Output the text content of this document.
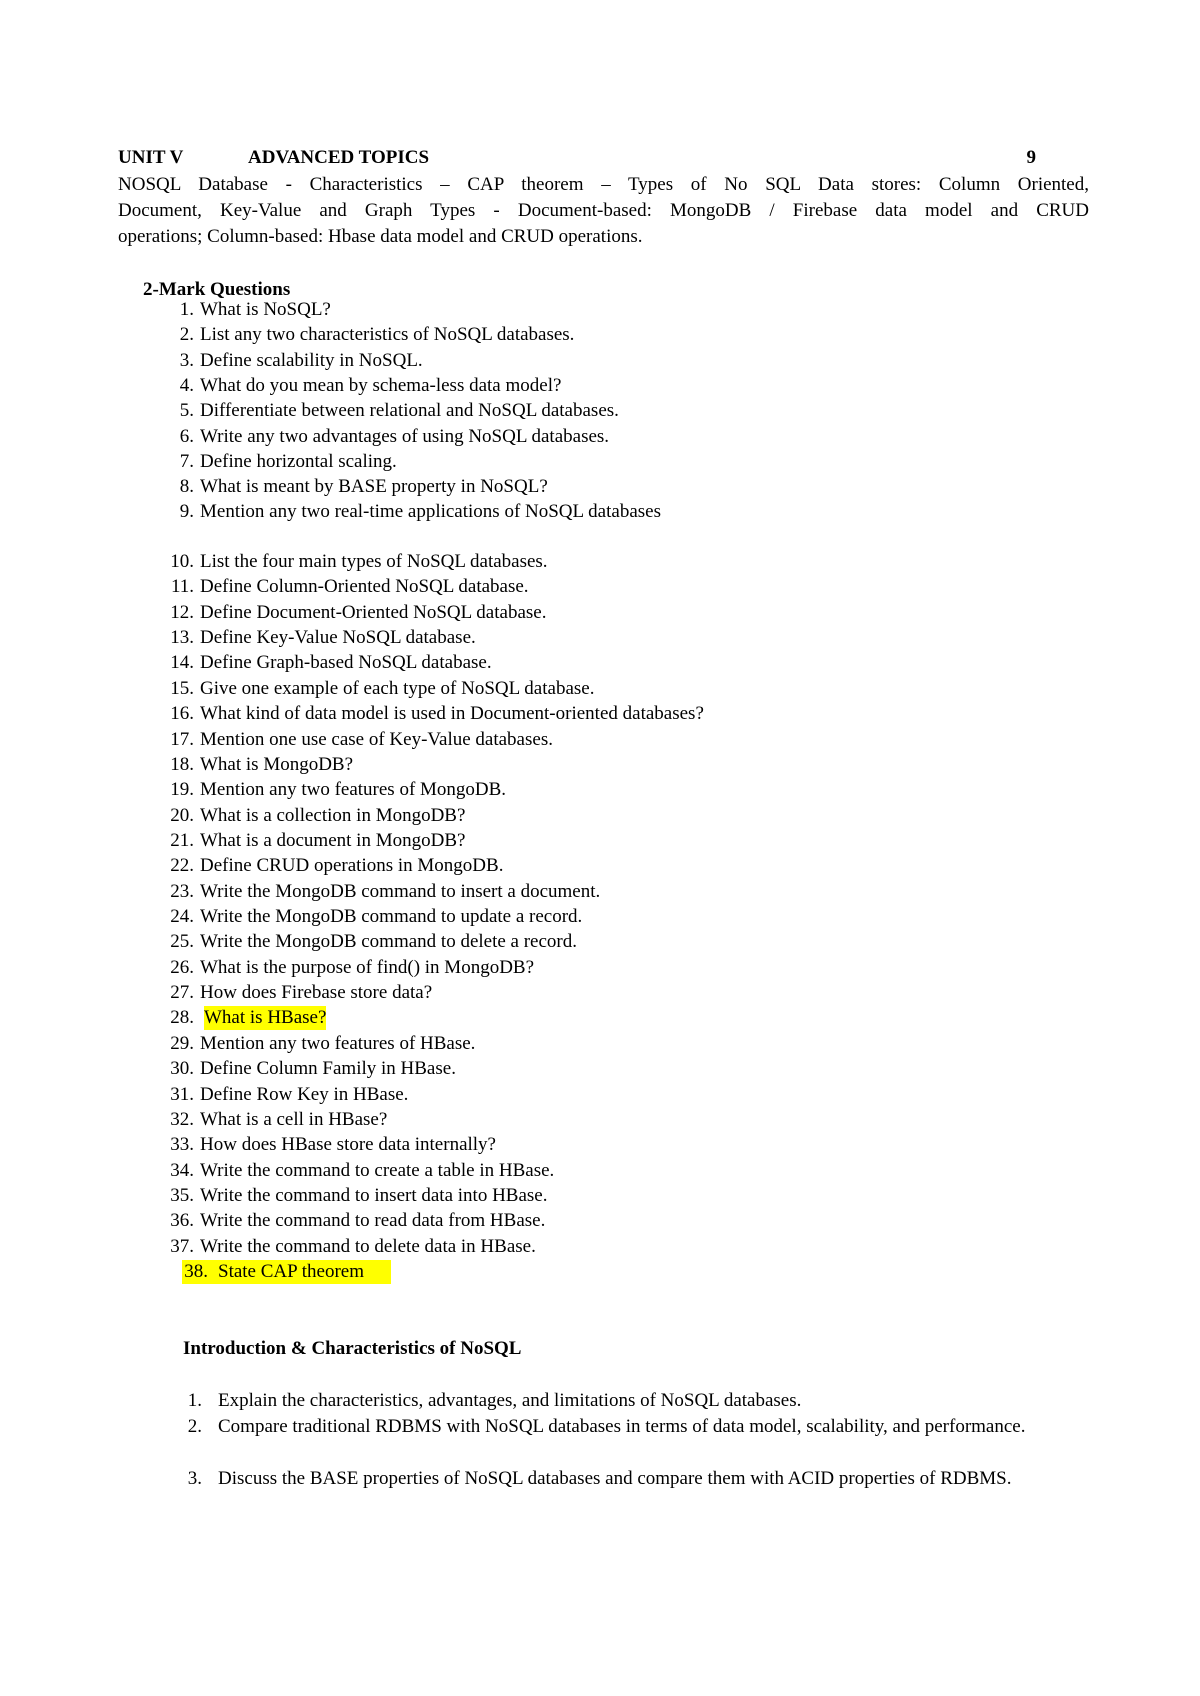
UNIT V	ADVANCED TOPICS	9
NOSQL Database - Characteristics – CAP theorem – Types of No SQL Data stores: Column Oriented,
Document, Key-Value and Graph Types - Document-based: MongoDB / Firebase data model and CRUD
operations; Column-based: Hbase data model and CRUD operations.
2-Mark Questions
1. What is NoSQL?
2. List any two characteristics of NoSQL databases.
3. Define scalability in NoSQL.
4. What do you mean by schema-less data model?
5. Differentiate between relational and NoSQL databases.
6. Write any two advantages of using NoSQL databases.
7. Define horizontal scaling.
8. What is meant by BASE property in NoSQL?
9. Mention any two real-time applications of NoSQL databases
10. List the four main types of NoSQL databases.
11. Define Column-Oriented NoSQL database.
12. Define Document-Oriented NoSQL database.
13. Define Key-Value NoSQL database.
14. Define Graph-based NoSQL database.
15. Give one example of each type of NoSQL database.
16. What kind of data model is used in Document-oriented databases?
17. Mention one use case of Key-Value databases.
18. What is MongoDB?
19. Mention any two features of MongoDB.
20. What is a collection in MongoDB?
21. What is a document in MongoDB?
22. Define CRUD operations in MongoDB.
23. Write the MongoDB command to insert a document.
24. Write the MongoDB command to update a record.
25. Write the MongoDB command to delete a record.
26. What is the purpose of find() in MongoDB?
27. How does Firebase store data?
28. What is HBase?
29. Mention any two features of HBase.
30. Define Column Family in HBase.
31. Define Row Key in HBase.
32. What is a cell in HBase?
33. How does HBase store data internally?
34. Write the command to create a table in HBase.
35. Write the command to insert data into HBase.
36. Write the command to read data from HBase.
37. Write the command to delete data in HBase.
38. State CAP theorem
Introduction & Characteristics of NoSQL
1. Explain the characteristics, advantages, and limitations of NoSQL databases.
2. Compare traditional RDBMS with NoSQL databases in terms of data model, scalability, and performance.
3. Discuss the BASE properties of NoSQL databases and compare them with ACID properties of RDBMS.
